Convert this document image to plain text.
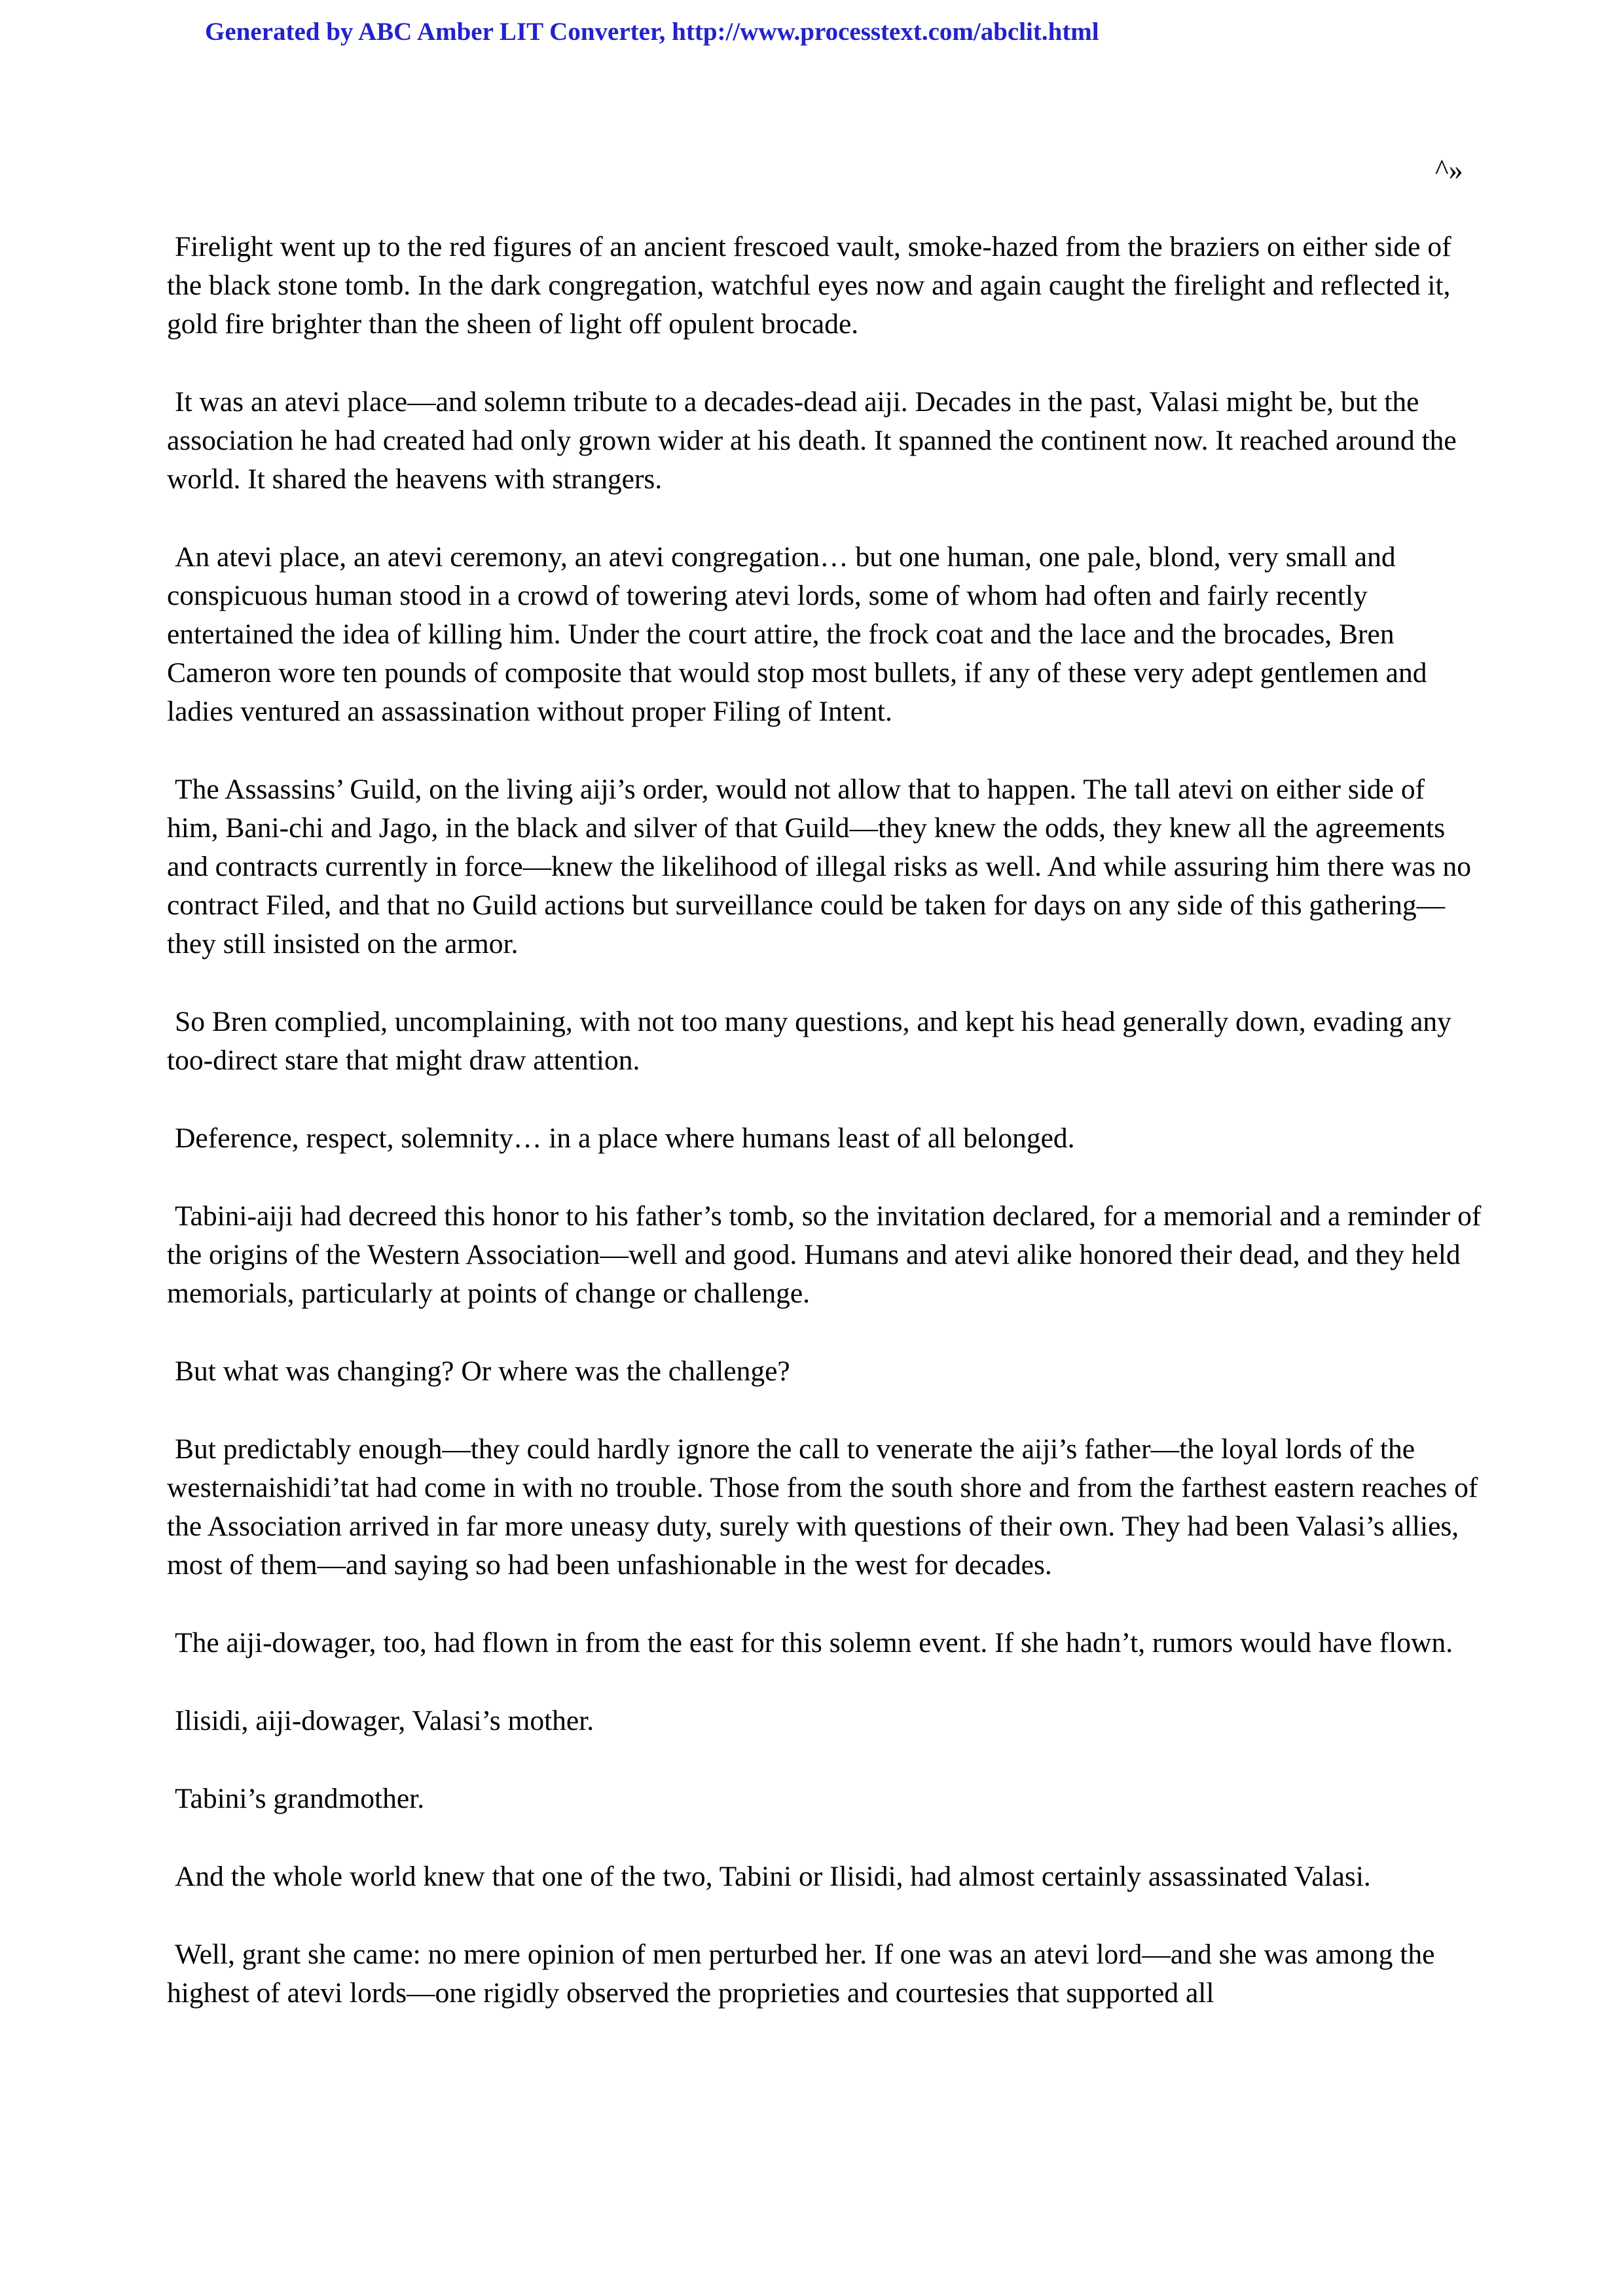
Generated by ABC Amber LIT Converter, http://www.processtext.com/abclit.html
^»

Firelight went up to the red figures of an ancient frescoed vault, smoke-hazed from the braziers on either side of the black stone tomb. In the dark congregation, watchful eyes now and again caught the firelight and reflected it, gold fire brighter than the sheen of light off opulent brocade.

It was an atevi place—and solemn tribute to a decades-dead aiji. Decades in the past, Valasi might be, but the association he had created had only grown wider at his death. It spanned the continent now. It reached around the world. It shared the heavens with strangers.

An atevi place, an atevi ceremony, an atevi congregation… but one human, one pale, blond, very small and conspicuous human stood in a crowd of towering atevi lords, some of whom had often and fairly recently entertained the idea of killing him. Under the court attire, the frock coat and the lace and the brocades, Bren Cameron wore ten pounds of composite that would stop most bullets, if any of these very adept gentlemen and ladies ventured an assassination without proper Filing of Intent.

The Assassins’ Guild, on the living aiji’s order, would not allow that to happen. The tall atevi on either side of him, Bani-chi and Jago, in the black and silver of that Guild—they knew the odds, they knew all the agreements and contracts currently in force—knew the likelihood of illegal risks as well. And while assuring him there was no contract Filed, and that no Guild actions but surveillance could be taken for days on any side of this gathering—they still insisted on the armor.

So Bren complied, uncomplaining, with not too many questions, and kept his head generally down, evading any too-direct stare that might draw attention.

Deference, respect, solemnity… in a place where humans least of all belonged.

Tabini-aiji had decreed this honor to his father’s tomb, so the invitation declared, for a memorial and a reminder of the origins of the Western Association—well and good. Humans and atevi alike honored their dead, and they held memorials, particularly at points of change or challenge.

But what was changing? Or where was the challenge?

But predictably enough—they could hardly ignore the call to venerate the aiji’s father—the loyal lords of the westernaishidi’tat had come in with no trouble. Those from the south shore and from the farthest eastern reaches of the Association arrived in far more uneasy duty, surely with questions of their own. They had been Valasi’s allies, most of them—and saying so had been unfashionable in the west for decades.

The aiji-dowager, too, had flown in from the east for this solemn event. If she hadn’t, rumors would have flown.

Ilisidi, aiji-dowager, Valasi’s mother.

Tabini’s grandmother.

And the whole world knew that one of the two, Tabini or Ilisidi, had almost certainly assassinated Valasi.

Well, grant she came: no mere opinion of men perturbed her. If one was an atevi lord—and she was among the highest of atevi lords—one rigidly observed the proprieties and courtesies that supported all
